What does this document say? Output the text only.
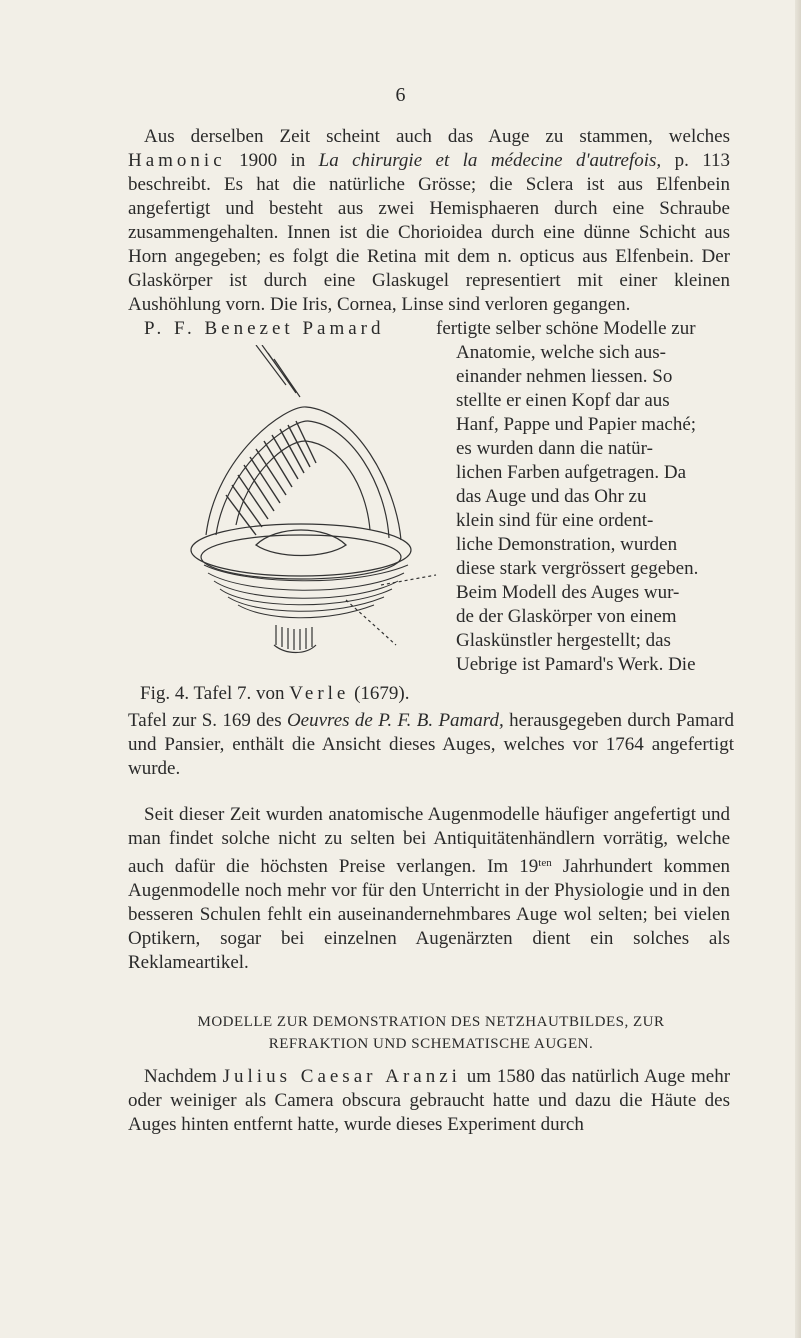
6
Aus derselben Zeit scheint auch das Auge zu stammen, welches Hamonic 1900 in La chirurgie et la médecine d'autrefois, p. 113 beschreibt. Es hat die natürliche Grösse; die Sclera ist aus Elfenbein angefertigt und besteht aus zwei Hemisphaeren durch eine Schraube zusammengehalten. Innen ist die Chorioidea durch eine dünne Schicht aus Horn angegeben; es folgt die Retina mit dem n. opticus aus Elfenbein. Der Glaskörper ist durch eine Glaskugel representiert mit einer kleinen Aushöhlung vorn. Die Iris, Cornea, Linse sind verloren gegangen.
P. F. Benezet Pamard	fertigte selber schöne Modelle zur
Anatomie, welche sich aus-
einander nehmen liessen. So
stellte er einen Kopf dar aus
Hanf, Pappe und Papier maché;
es wurden dann die natür-
lichen Farben aufgetragen. Da
das Auge und das Ohr zu
klein sind für eine ordent-
liche Demonstration, wurden
diese stark vergrössert gegeben.
Beim Modell des Auges wur-
de der Glaskörper von einem
Glaskünstler hergestellt; das
Uebrige ist Pamard's Werk. Die
Fig. 4. Tafel 7. von Verle (1679).
Tafel zur S. 169 des Oeuvres de P. F. B. Pamard, herausgegeben durch Pamard und Pansier, enthält die Ansicht dieses Auges, welches vor 1764 angefertigt wurde.
Seit dieser Zeit wurden anatomische Augenmodelle häufiger angefertigt und man findet solche nicht zu selten bei Antiquitätenhändlern vorrätig, welche auch dafür die höchsten Preise verlangen. Im $19^{ten}$ Jahrhundert kommen Augenmodelle noch mehr vor für den Unterricht in der Physiologie und in den besseren Schulen fehlt ein auseinandernehmbares Auge wol selten; bei vielen Optikern, sogar bei einzelnen Augenärzten dient ein solches als Reklameartikel.
MODELLE ZUR DEMONSTRATION DES NETZHAUTBILDES, ZUR
REFRAKTION UND SCHEMATISCHE AUGEN.
Nachdem Julius Caesar Aranzi um 1580 das natürlich Auge mehr oder weiniger als Camera obscura gebraucht hatte und dazu die Häute des Auges hinten entfernt hatte, wurde dieses Experiment durch
